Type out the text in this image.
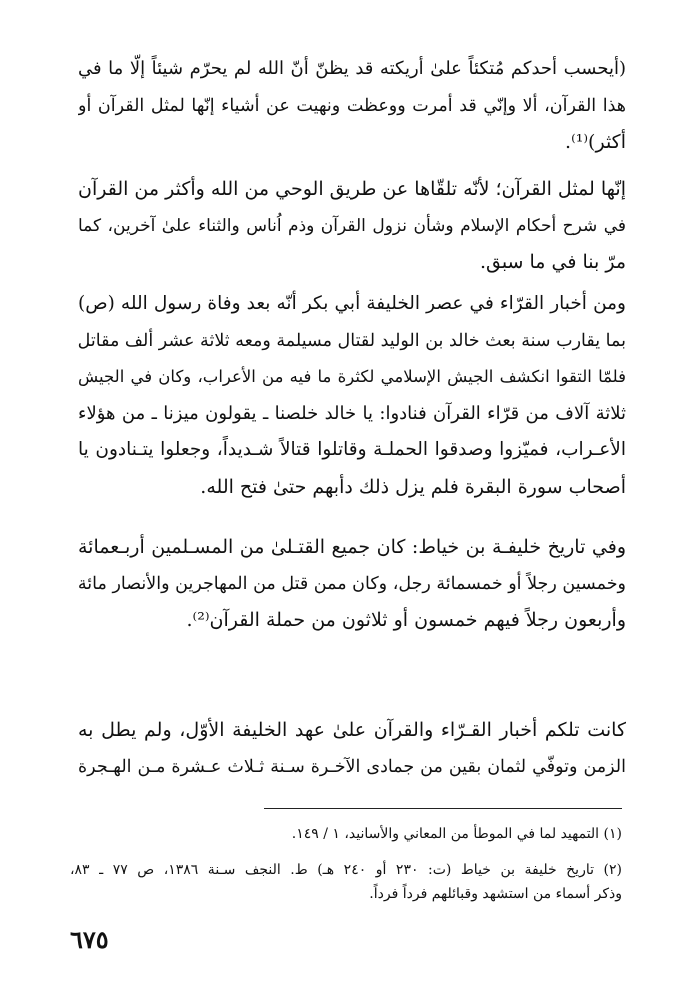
(أيحسب أحدكم مُتكئاً علىٰ أريكته قد يظنّ أنّ الله لم يحرّم شيئاً إلّا ما في
هذا القرآن، ألا وإنّي قد أمرت ووعظت ونهيت عن أشياء إنّها لمثل القرآن أو
أكثر)⁽¹⁾.
إنّها لمثل القرآن؛ لأنّه تلقّاها عن طريق الوحي من الله وأكثر من القرآن
في شرح أحكام الإسلام وشأن نزول القرآن وذم اُناس والثناء علىٰ آخرين، كما
مرّ بنا في ما سبق.
ومن أخبار القرّاء في عصر الخليفة أبي بكر أنّه بعد وفاة رسول الله (ص)
بما يقارب سنة بعث خالد بن الوليد لقتال مسيلمة ومعه ثلاثة عشر ألف مقاتل
فلمّا التقوا انكشف الجيش الإسلامي لكثرة ما فيه من الأعراب، وكان في الجيش
ثلاثة آلاف من قرّاء القرآن فنادوا: يا خالد خلصنا ـ يقولون ميزنا ـ من هؤلاء
الأعـراب، فميّزوا وصدقوا الحملـة وقاتلوا قتالاً شـديداً، وجعلوا يتـنادون يا
أصحاب سورة البقرة فلم يزل ذلك دأبهم حتىٰ فتح الله.
وفي تاريخ خليفـة بن خياط: كان جميع القتـلىٰ من المسـلمين أربـعمائة
وخمسين رجلاً أو خمسمائة رجل، وكان ممن قتل من المهاجرين والأنصار مائة
وأربعون رجلاً فيهم خمسون أو ثلاثون من حملة القرآن⁽²⁾.
كانت تلكم أخبار القـرّاء والقرآن علىٰ عهد الخليفة الأوّل، ولم يطل به
الزمن وتوفّي لثمان بقين من جمادى الآخـرة سـنة ثـلاث عـشرة مـن الهـجرة
(١) التمهيد لما في الموطأ من المعاني والأسانيد، ١ / ١٤٩.
(٢) تاريخ خليفة بن خياط (ت: ٢٣٠ أو ٢٤٠ هـ) ط. النجف سـنة ١٣٨٦، ص ٧٧ ـ ٨٣،
وذكر أسماء من استشهد وقبائلهم فرداً فرداً.
٦٧٥
